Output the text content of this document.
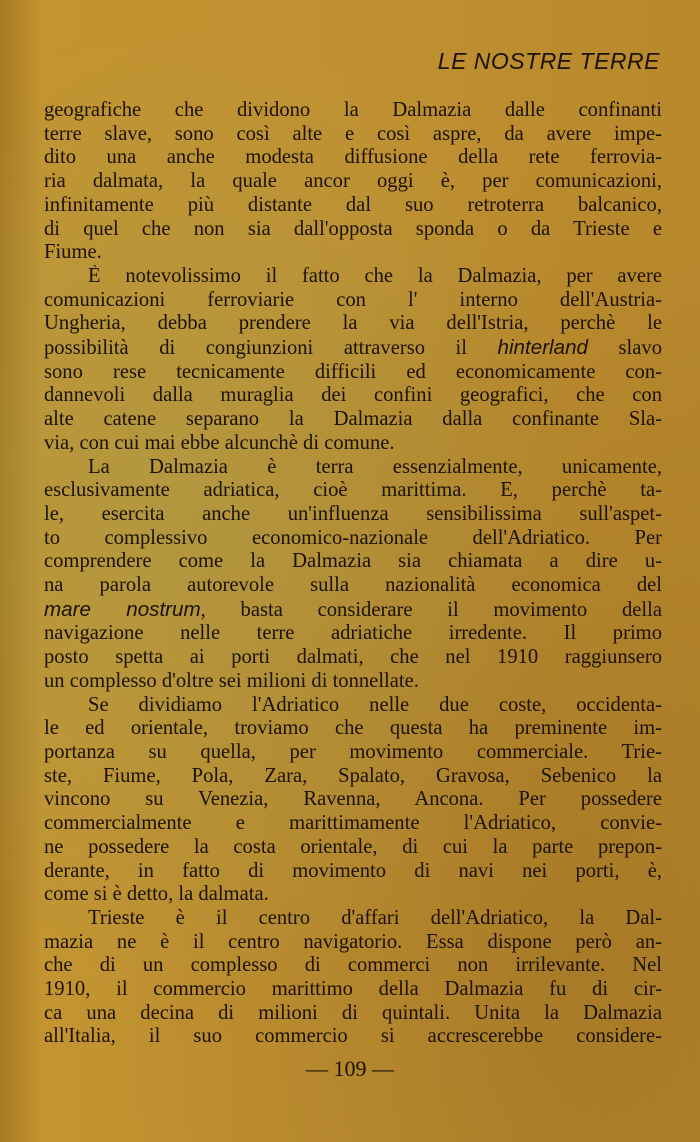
LE NOSTRE TERRE
geografiche che dividono la Dalmazia dalle confinanti
terre slave, sono così alte e così aspre, da avere impe-
dito una anche modesta diffusione della rete ferrovia-
ria dalmata, la quale ancor oggi è, per comunicazioni,
infinitamente più distante dal suo retroterra balcanico,
di quel che non sia dall'opposta sponda o da Trieste e
Fiume.
È notevolissimo il fatto che la Dalmazia, per avere
comunicazioni ferroviarie con l' interno dell'Austria-
Ungheria, debba prendere la via dell'Istria, perchè le
possibilità di congiunzioni attraverso il hinterland slavo
sono rese tecnicamente difficili ed economicamente con-
dannevoli dalla muraglia dei confini geografici, che con
alte catene separano la Dalmazia dalla confinante Sla-
via, con cui mai ebbe alcunchè di comune.
La Dalmazia è terra essenzialmente, unicamente,
esclusivamente adriatica, cioè marittima. E, perchè ta-
le, esercita anche un'influenza sensibilissima sull'aspet-
to complessivo economico-nazionale dell'Adriatico. Per
comprendere come la Dalmazia sia chiamata a dire u-
na parola autorevole sulla nazionalità economica del
mare nostrum, basta considerare il movimento della
navigazione nelle terre adriatiche irredente. Il primo
posto spetta ai porti dalmati, che nel 1910 raggiunsero
un complesso d'oltre sei milioni di tonnellate.
Se dividiamo l'Adriatico nelle due coste, occidenta-
le ed orientale, troviamo che questa ha preminente im-
portanza su quella, per movimento commerciale. Trie-
ste, Fiume, Pola, Zara, Spalato, Gravosa, Sebenico la
vincono su Venezia, Ravenna, Ancona. Per possedere
commercialmente e marittimamente l'Adriatico, convie-
ne possedere la costa orientale, di cui la parte prepon-
derante, in fatto di movimento di navi nei porti, è,
come si è detto, la dalmata.
Trieste è il centro d'affari dell'Adriatico, la Dal-
mazia ne è il centro navigatorio. Essa dispone però an-
che di un complesso di commerci non irrilevante. Nel
1910, il commercio marittimo della Dalmazia fu di cir-
ca una decina di milioni di quintali. Unita la Dalmazia
all'Italia, il suo commercio si accrescerebbe considere-
— 109 —
